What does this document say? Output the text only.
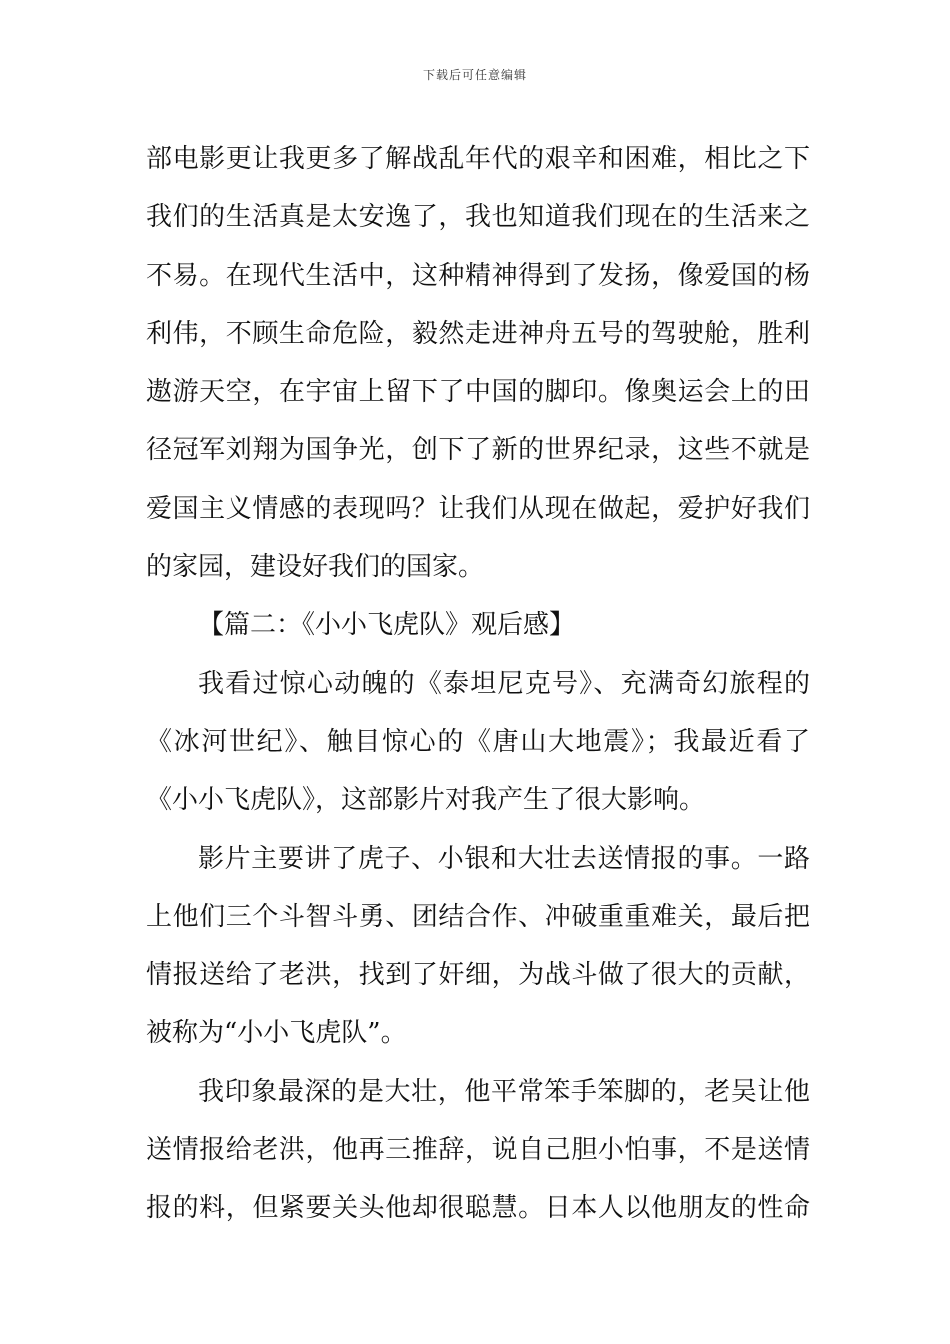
下载后可任意编辑
部电影更让我更多了解战乱年代的艰辛和困难，相比之下
我们的生活真是太安逸了，我也知道我们现在的生活来之
不易。在现代生活中，这种精神得到了发扬，像爱国的杨
利伟，不顾生命危险，毅然走进神舟五号的驾驶舱，胜利
遨游天空，在宇宙上留下了中国的脚印。像奥运会上的田
径冠军刘翔为国争光，创下了新的世界纪录，这些不就是
爱国主义情感的表现吗？让我们从现在做起，爱护好我们
的家园，建设好我们的国家。
【篇二：《小小飞虎队》观后感】
我看过惊心动魄的《泰坦尼克号》、充满奇幻旅程的
《冰河世纪》、触目惊心的《唐山大地震》；我最近看了
《小小飞虎队》，这部影片对我产生了很大影响。
影片主要讲了虎子、小银和大壮去送情报的事。一路
上他们三个斗智斗勇、团结合作、冲破重重难关，最后把
情报送给了老洪，找到了奸细，为战斗做了很大的贡献，
被称为“小小飞虎队”。
我印象最深的是大壮，他平常笨手笨脚的，老吴让他
送情报给老洪，他再三推辞，说自己胆小怕事，不是送情
报的料，但紧要关头他却很聪慧。日本人以他朋友的性命
